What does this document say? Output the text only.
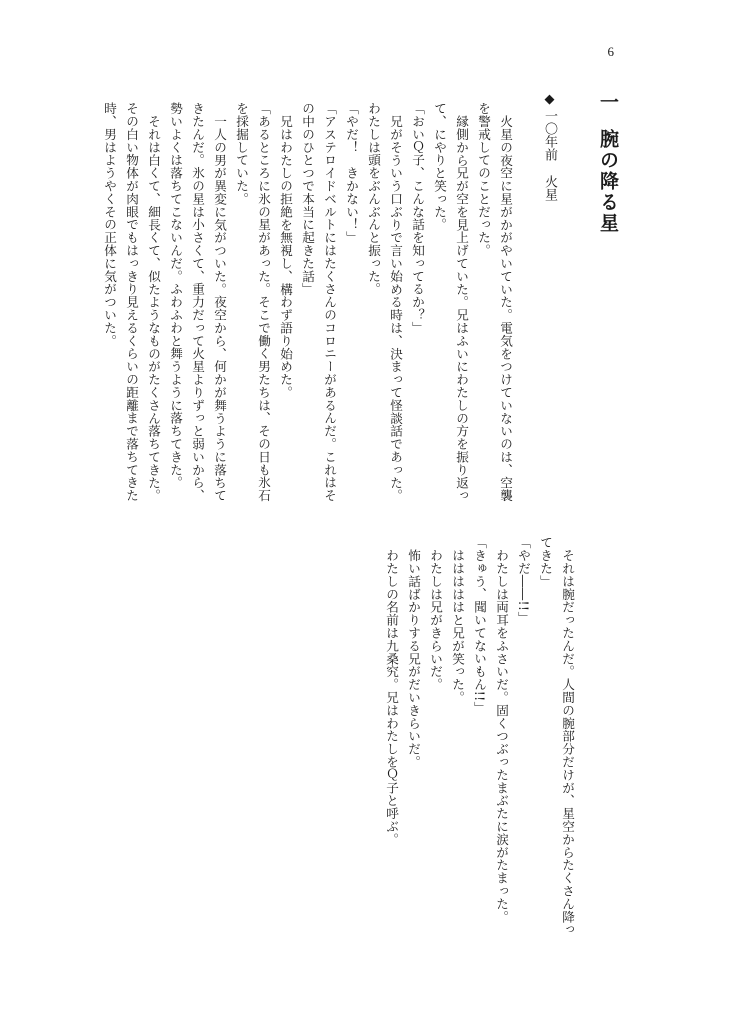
6
一腕の降る星
◆一〇年前火星

火星の夜空に星がかがやいていた。電気をつけていないのは、空襲を警戒してのことだった。

縁側から兄が空を見上げていた。兄はふいにわたしの方を振り返って、にやりと笑った。

「おいＱ子、こんな話を知ってるか？」

兄がそういう口ぶりで言い始める時は、決まって怪談話であった。わたしは頭をぶんぶんと振った。

「やだ！　きかない！」

「アステロイドベルトにはたくさんのコロニーがあるんだ。これはその中のひとつで本当に起きた話」

兄はわたしの拒絶を無視し、構わず語り始めた。

「あるところに氷の星があった。そこで働く男たちは、その日も氷石を採掘していた。

一人の男が異変に気がついた。夜空から、何かが舞うように落ちてきたんだ。氷の星は小さくて、重力だって火星よりずっと弱いから、勢いよくは落ちてこないんだ。ふわふわと舞うように落ちてきた。

それは白くて、細長くて、似たようなものがたくさん落ちてきた。その白い物体が肉眼でもはっきり見えるくらいの距離まで落ちてきた時、男はようやくその正体に気がついた。

それは腕だったんだ。人間の腕部分だけが、星空からたくさん降ってきた」

「やだ――!!」

わたしは両耳をふさいだ。固くつぶったまぶたに涙がたまった。

「きゅう、聞いてないもん!!」

はははははと兄が笑った。

わたしは兄がきらいだ。

怖い話ばかりする兄がだいきらいだ。

わたしの名前は九桑究。兄はわたしをＱ子と呼ぶ。
